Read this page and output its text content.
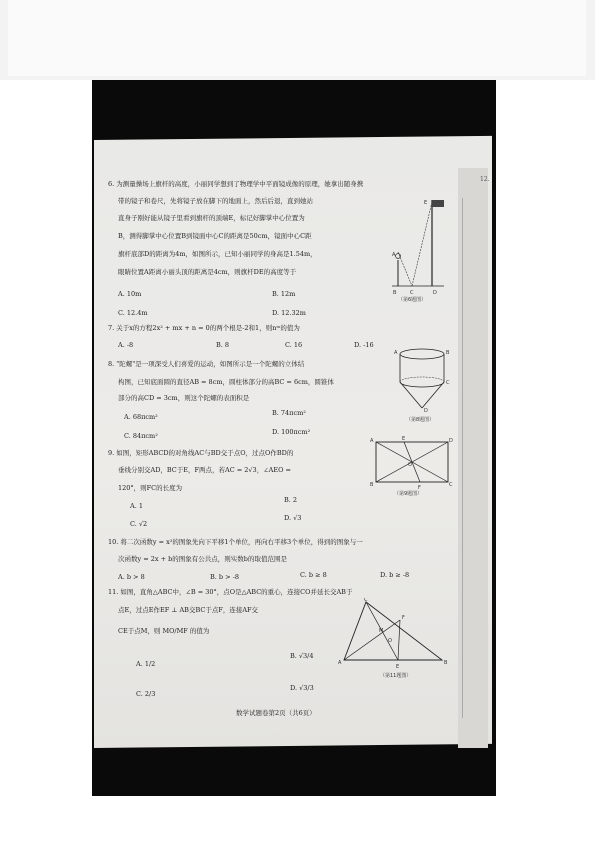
12.
6. 为测量操场上旗杆的高度，小丽同学想到了物理学中平面镜成像的原理，她拿出随身携
带的镜子和卷尺，先将镜子放在脚下的地面上，然后后退，直到她站
直身子刚好能从镜子里看到旗杆的顶端E，标记好脚掌中心位置为
B，测得脚掌中心位置B到镜面中心C的距离是50cm，镜面中心C距
旗杆底部D的距离为4m，如图所示，已知小丽同学的身高是1.54m，
眼睛位置A距离小丽头顶的距离是4cm，则旗杆DE的高度等于
A. 10m	B. 12m
C. 12.4m	D. 12.32m
B	C	D
E
A
（第6题图）
7. 关于x的方程2x² + mx + n = 0的两个根是-2和1，则nᵐ的值为
A. -8	B. 8	C. 16	D. -16
8. "陀螺"是一项深受人们喜爱的运动，如图所示是一个陀螺的立体结
构图，已知底面圆的直径AB = 8cm，圆柱体部分的高BC = 6cm，圆锥体
部分的高CD = 3cm，则这个陀螺的表面积是
A. 68πcm²	B. 74πcm²
C. 84πcm²	D. 100πcm²
A	B
C
D
（第8题图）
9. 如图，矩形ABCD的对角线AC与BD交于点O，过点O作BD的
垂线分别交AD，BC于E，F两点，若AC = 2√3，∠AEO =
120°，则FC的长度为
A. 1
B. 2
C. √2
D. √3
A	D
B	C
O
E
F
（第9题图）
10. 将二次函数y = x²的图象先向下平移1个单位，再向右平移3个单位，得到的图象与一
次函数y = 2x + b的图象有公共点，则实数b的取值范围是
A. b > 8	B. b > -8	C. b ≥ 8	D. b ≥ -8
11. 如图，直角△ABC中，∠B = 30°，点O是△ABC的重心，连接CO并延长交AB于
点E，过点E作EF ⊥ AB交BC于点F，连接AF交
CE于点M，则 MO/MF 的值为
A. 1/2
B. √3/4
C. 2/3
D. √3/3
A	B
C
F
M
O
E
（第11题图）
数学试题卷第2页（共6页）
